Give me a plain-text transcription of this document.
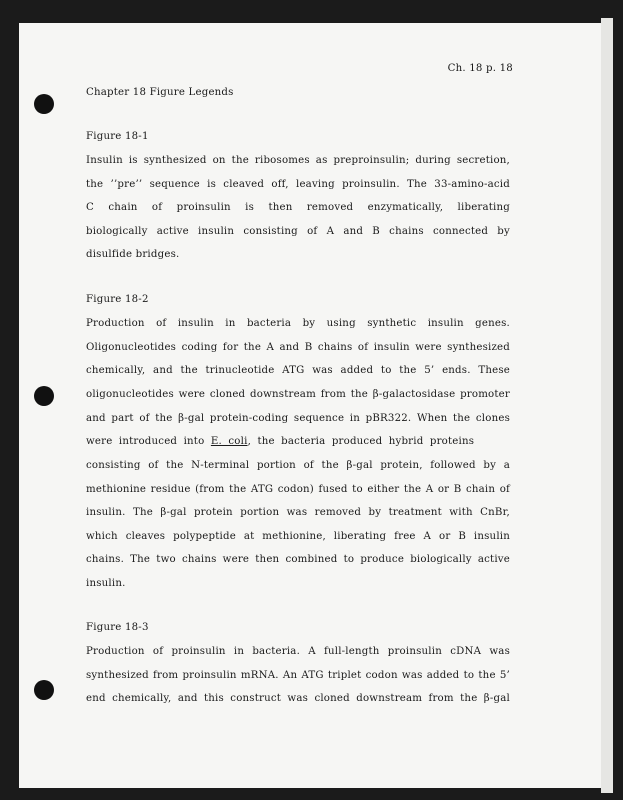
Ch. 18 p. 18
Chapter 18 Figure Legends
Figure 18-1
Insulin is synthesized on the ribosomes as preproinsulin; during secretion,
the ’’pre’’ sequence is cleaved off, leaving proinsulin. The 33-amino-acid
C chain of proinsulin is then removed enzymatically, liberating
biologically active insulin consisting of A and B chains connected by
disulfide bridges.
Figure 18-2
Production of insulin in bacteria by using synthetic insulin genes.
Oligonucleotides coding for the A and B chains of insulin were synthesized
chemically, and the trinucleotide ATG was added to the 5’ ends. These
oligonucleotides were cloned downstream from the β-galactosidase promoter
and part of the β-gal protein-coding sequence in pBR322. When the clones
were introduced into E. coli, the bacteria produced hybrid proteins
consisting of the N-terminal portion of the β-gal protein, followed by a
methionine residue (from the ATG codon) fused to either the A or B chain of
insulin. The β-gal protein portion was removed by treatment with CnBr,
which cleaves polypeptide at methionine, liberating free A or B insulin
chains. The two chains were then combined to produce biologically active
insulin.
Figure 18-3
Production of proinsulin in bacteria. A full-length proinsulin cDNA was
synthesized from proinsulin mRNA. An ATG triplet codon was added to the 5’
end chemically, and this construct was cloned downstream from the β-gal
